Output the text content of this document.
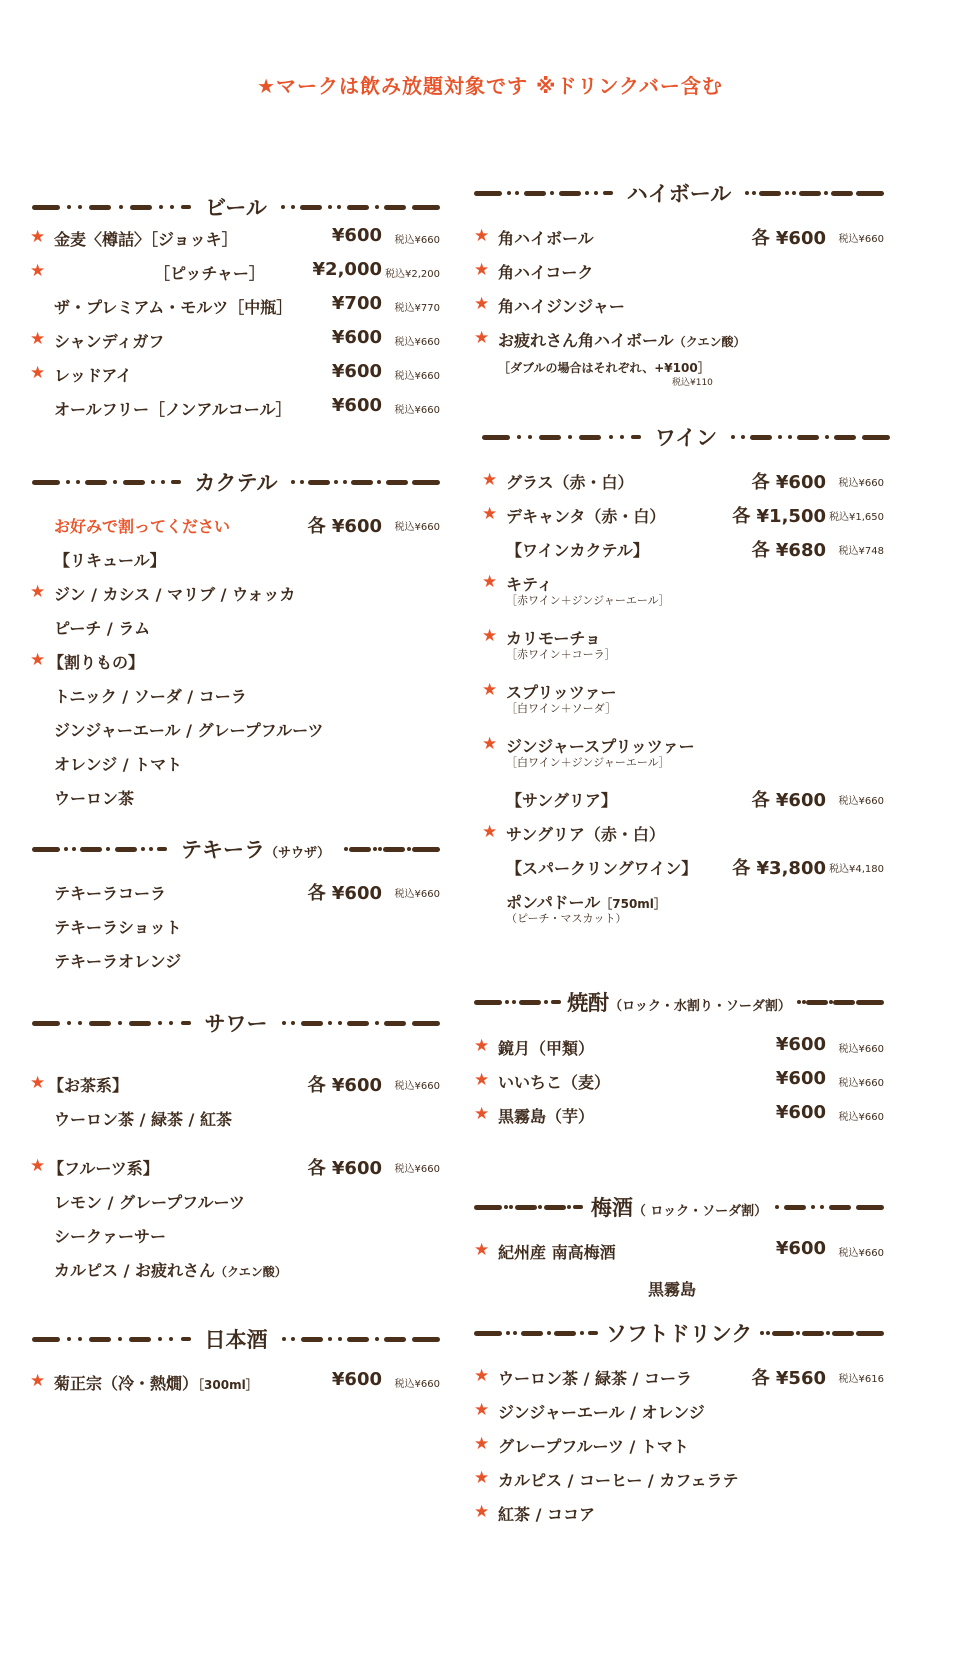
★マークは飲み放題対象です ※ドリンクバー含む
ビール
★ 金麦〈樽詰〉［ジョッキ］	¥600 税込¥660
★	［ピッチャー］	¥2,000 税込¥2,200
ザ・プレミアム・モルツ［中瓶］ ¥700 税込¥770
★ シャンディガフ	¥600 税込¥660
★ レッドアイ	¥600 税込¥660
オールフリー［ノンアルコール］ ¥600 税込¥660
カクテル
お好みで割ってください	各 ¥600 税込¥660
【リキュール】
★ ジン / カシス / マリブ / ウォッカ
ピーチ / ラム
★ 【割りもの】
トニック / ソーダ / コーラ
ジンジャーエール / グレープフルーツ
オレンジ / トマト
ウーロン茶
テキーラ（サウザ）
テキーラコーラ	各 ¥600 税込¥660
テキーラショット
テキーラオレンジ
サワー
★ 【お茶系】	各 ¥600 税込¥660
ウーロン茶 / 緑茶 / 紅茶
★ 【フルーツ系】	各 ¥600 税込¥660
レモン / グレープフルーツ
シークァーサー
カルピス / お疲れさん（クエン酸）
日本酒
★ 菊正宗（冷・熱燗）［300ml］	¥600 税込¥660
ハイボール
★ 角ハイボール	各 ¥600 税込¥660
★ 角ハイコーク
★ 角ハイジンジャー
★ お疲れさん角ハイボール（クエン酸）
［ダブルの場合はそれぞれ、+¥100］
税込¥110
ワイン
★ グラス（赤・白）	各 ¥600 税込¥660
★ デキャンタ（赤・白）	各 ¥1,500 税込¥1,650
【ワインカクテル】	各 ¥680 税込¥748
★ キティ
［赤ワイン＋ジンジャーエール］
★ カリモーチョ
［赤ワイン＋コーラ］
★ スプリッツァー
［白ワイン＋ソーダ］
★ ジンジャースプリッツァー
［白ワイン＋ジンジャーエール］
【サングリア】	各 ¥600 税込¥660
★ サングリア（赤・白）
【スパークリングワイン】 各 ¥3,800 税込¥4,180
ポンパドール［750ml］
（ピーチ・マスカット）
焼酎（ロック・水割り・ソーダ割）
★ 鏡月（甲類）	¥600 税込¥660
★ いいちこ（麦）	¥600 税込¥660
★ 黒霧島（芋）	¥600 税込¥660
梅酒（ ロック・ソーダ割）
★ 紀州産 南高梅酒	¥600 税込¥660
黒霧島
ソフトドリンク
★ ウーロン茶 / 緑茶 / コーラ	各 ¥560 税込¥616
★ ジンジャーエール / オレンジ
★ グレープフルーツ / トマト
★ カルピス / コーヒー / カフェラテ
★ 紅茶 / ココア
